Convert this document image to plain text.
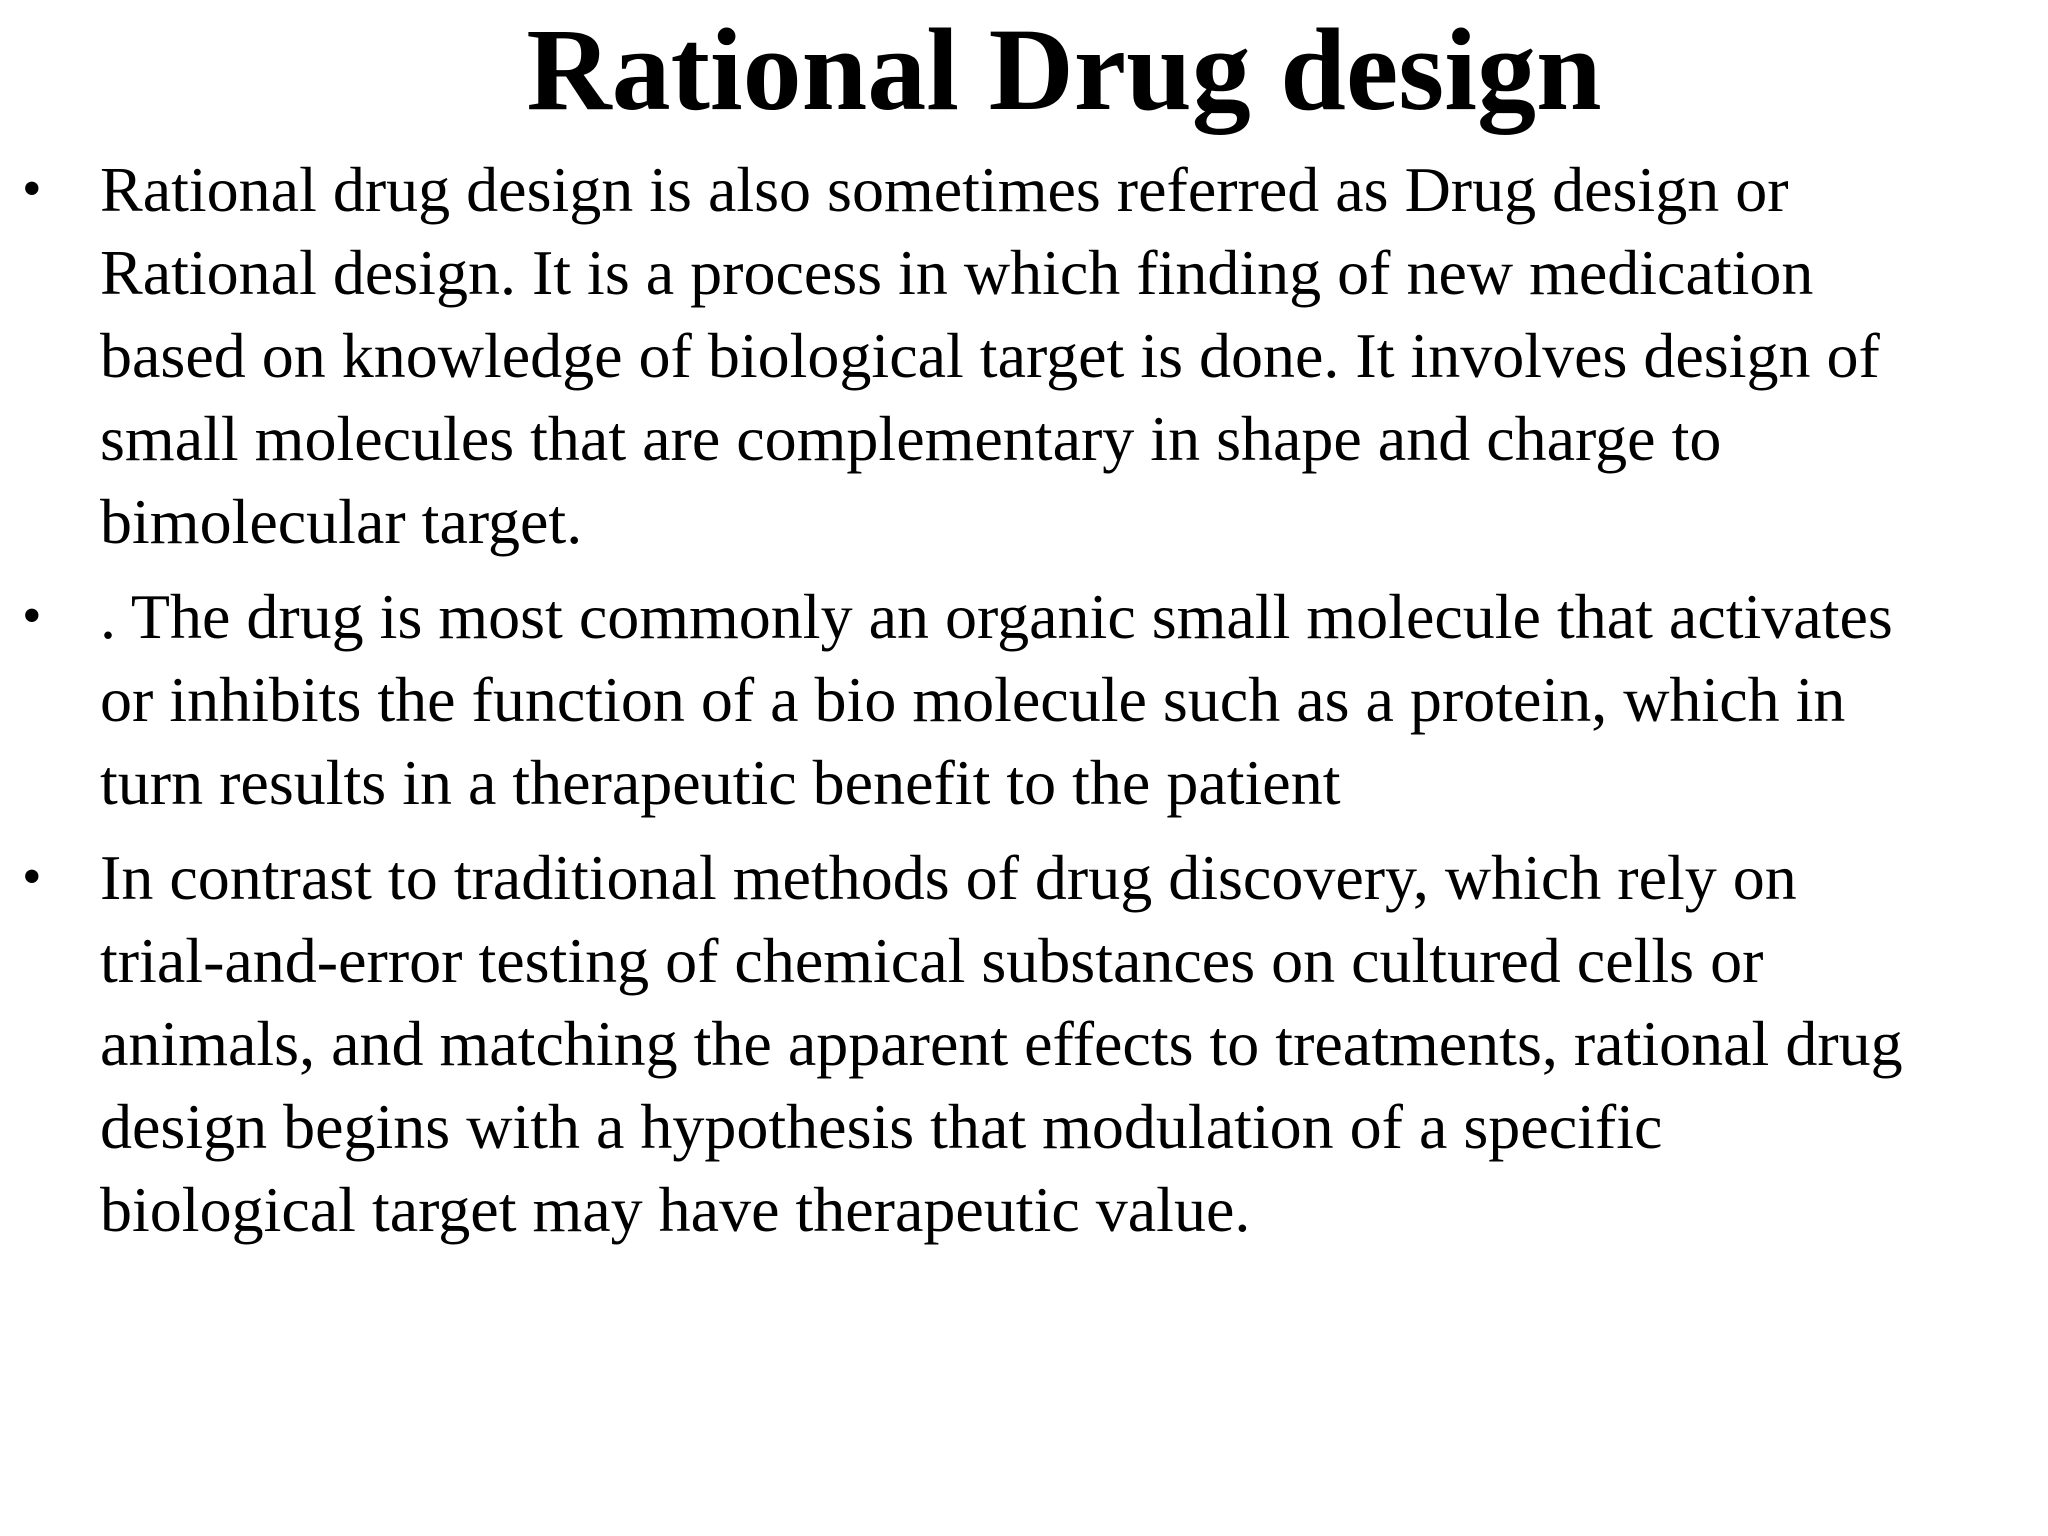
Rational Drug design
• Rational drug design is also sometimes referred as Drug design or
Rational design. It is a process in which finding of new medication
based on knowledge of biological target is done. It involves design of
small molecules that are complementary in shape and charge to
bimolecular target.
• . The drug is most commonly an organic small molecule that activates
or inhibits the function of a bio molecule such as a protein, which in
turn results in a therapeutic benefit to the patient
• In contrast to traditional methods of drug discovery, which rely on
trial-and-error testing of chemical substances on cultured cells or
animals, and matching the apparent effects to treatments, rational drug
design begins with a hypothesis that modulation of a specific
biological target may have therapeutic value.
